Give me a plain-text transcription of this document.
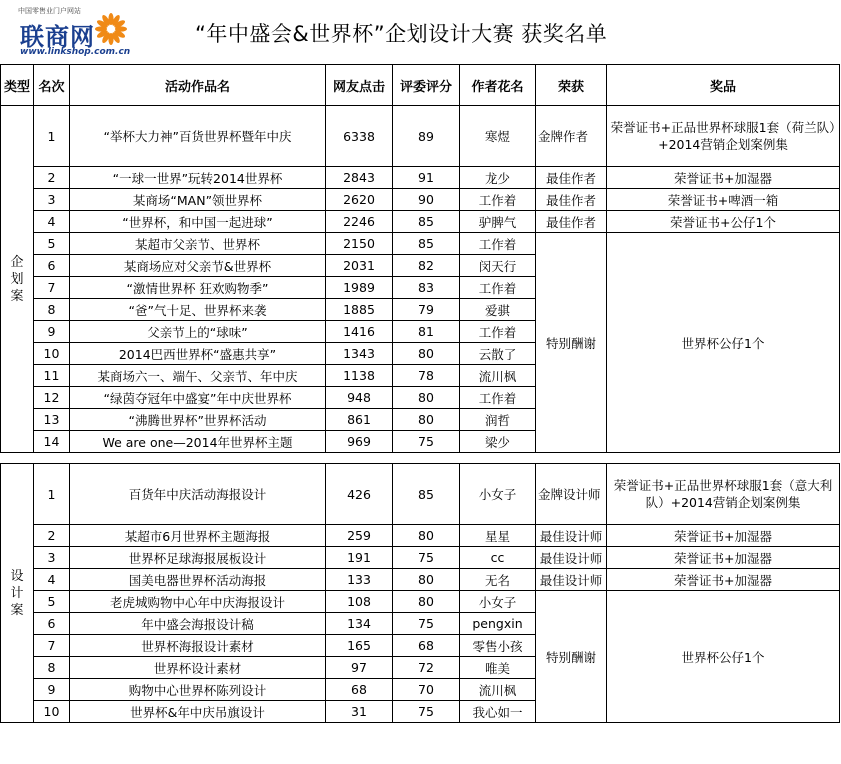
中国零售业门户网站
联商网
www.linkshop.com.cn
“年中盛会&世界杯”企划设计大赛 获奖名单
类型	名次	活动作品名	网友点击	评委评分	作者花名	荣获	奖品
企划案	1	“举杯大力神”百货世界杯暨年中庆	6338	89	寒煜	金牌作者	荣誉证书+正品世界杯球服1套（荷兰队）+2014营销企划案例集
	2	“一球一世界”玩转2014世界杯	2843	91	龙少	最佳作者	荣誉证书+加湿器
	3	某商场“MAN”领世界杯	2620	90	工作着	最佳作者	荣誉证书+啤酒一箱
	4	“世界杯，和中国一起进球”	2246	85	驴脾气	最佳作者	荣誉证书+公仔1个
	5	某超市父亲节、世界杯	2150	85	工作着	特别酬谢	世界杯公仔1个
	6	某商场应对父亲节&世界杯	2031	82	闵天行		
	7	“激情世界杯 狂欢购物季”	1989	83	工作着		
	8	“爸”气十足、世界杯来袭	1885	79	爱骐		
	9	父亲节上的“球味”	1416	81	工作着		
	10	2014巴西世界杯“盛惠共享”	1343	80	云散了		
	11	某商场六一、端午、父亲节、年中庆	1138	78	流川枫		
	12	“绿茵夺冠年中盛宴”年中庆世界杯	948	80	工作着		
	13	“沸腾世界杯”世界杯活动	861	80	润哲		
	14	We are one—2014年世界杯主题	969	75	梁少		

设计案	1	百货年中庆活动海报设计	426	85	小女子	金牌设计师	荣誉证书+正品世界杯球服1套（意大利队）+2014营销企划案例集
	2	某超市6月世界杯主题海报	259	80	星星	最佳设计师	荣誉证书+加湿器
	3	世界杯足球海报展板设计	191	75	cc	最佳设计师	荣誉证书+加湿器
	4	国美电器世界杯活动海报	133	80	无名	最佳设计师	荣誉证书+加湿器
	5	老虎城购物中心年中庆海报设计	108	80	小女子	特别酬谢	世界杯公仔1个
	6	年中盛会海报设计稿	134	75	pengxin		
	7	世界杯海报设计素材	165	68	零售小孩		
	8	世界杯设计素材	97	72	唯美		
	9	购物中心世界杯陈列设计	68	70	流川枫		
	10	世界杯&年中庆吊旗设计	31	75	我心如一		
